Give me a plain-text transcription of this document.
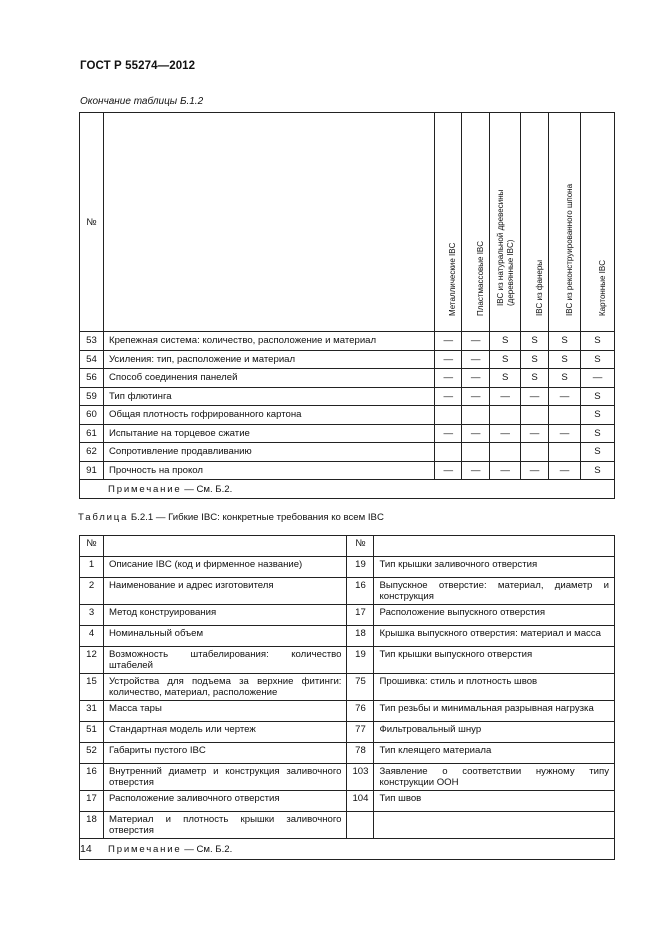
ГОСТ Р 55274—2012
Окончание таблицы Б.1.2
№		Металлические IBC	Пластмассовые IBC	IBC из натуральной древесины
(деревянные IBC)	IBC из фанеры	IBC из реконструированного шпона	Картонные IBC

53	Крепежная система: количество, расположение и материал	—	—	S	S	S	S
54	Усиления: тип, расположение и материал	—	—	S	S	S	S
56	Способ соединения панелей	—	—	S	S	S	—
59	Тип флютинга	—	—	—	—	—	S
60	Общая плотность гофрированного картона						S
61	Испытание на торцевое сжатие	—	—	—	—	—	S
62	Сопротивление продавливанию						S
91	Прочность на прокол	—	—	—	—	—	S
Примечание — См. Б.2.							
Таблица Б.2.1 — Гибкие IBC: конкретные требования ко всем IBC
№		№	
1	Описание IBC (код и фирменное название)	19	Тип крышки заливочного отверстия
2	Наименование и адрес изготовителя	16	Выпускное отверстие: материал, диаметр и конструкция
3	Метод конструирования	17	Расположение выпускного отверстия
4	Номинальный объем	18	Крышка выпускного отверстия: материал и масса
12	Возможность штабелирования: количество штабелей	19	Тип крышки выпускного отверстия
15	Устройства для подъема за верхние фитинги: количество, материал, расположение	75	Прошивка: стиль и плотность швов
31	Масса тары	76	Тип резьбы и минимальная разрывная нагрузка
51	Стандартная модель или чертеж	77	Фильтровальный шнур
52	Габариты пустого IBC	78	Тип клеящего материала
16	Внутренний диаметр и конструкция заливочного отверстия	103	Заявление о соответствии нужному типу конструкции ООН
17	Расположение заливочного отверстия	104	Тип швов
18	Материал и плотность крышки заливочного отверстия		
Примечание — См. Б.2.			
14
